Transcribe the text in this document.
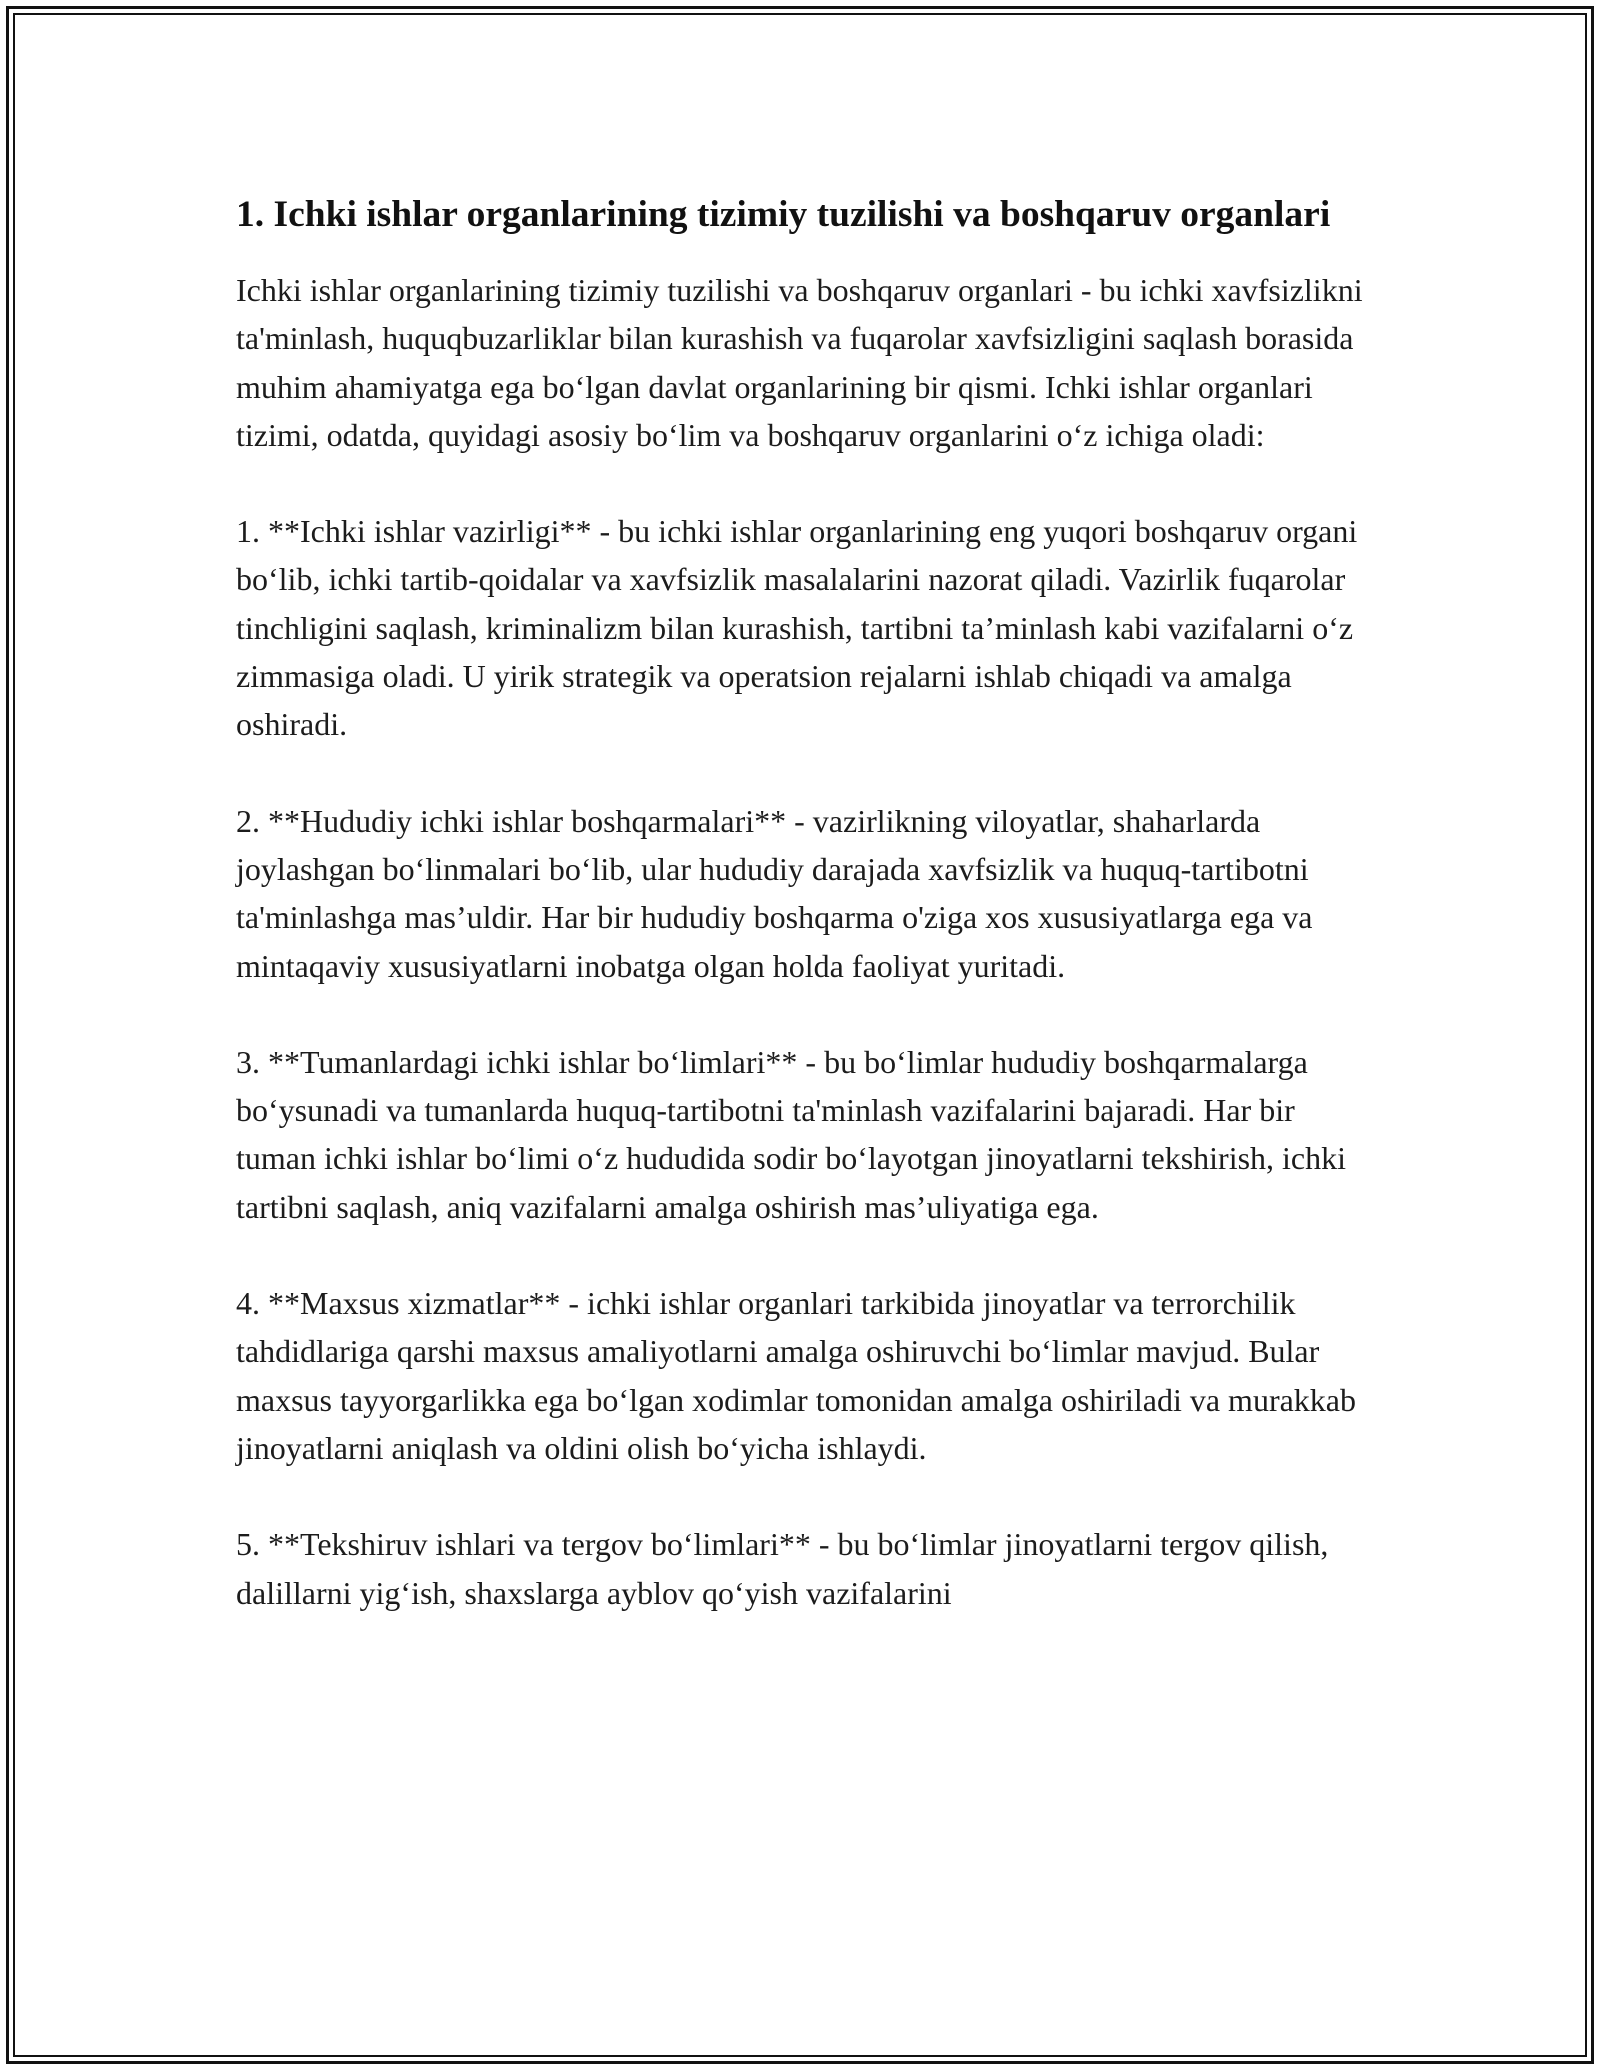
1. Ichki ishlar organlarining tizimiy tuzilishi va boshqaruv organlari

Ichki ishlar organlarining tizimiy tuzilishi va boshqaruv organlari - bu ichki xavfsizlikni ta'minlash, huquqbuzarliklar bilan kurashish va fuqarolar xavfsizligini saqlash borasida muhim ahamiyatga ega bo‘lgan davlat organlarining bir qismi. Ichki ishlar organlari tizimi, odatda, quyidagi asosiy bo‘lim va boshqaruv organlarini o‘z ichiga oladi:

1. **Ichki ishlar vazirligi** - bu ichki ishlar organlarining eng yuqori boshqaruv organi bo‘lib, ichki tartib-qoidalar va xavfsizlik masalalarini nazorat qiladi. Vazirlik fuqarolar tinchligini saqlash, kriminalizm bilan kurashish, tartibni ta’minlash kabi vazifalarni o‘z zimmasiga oladi. U yirik strategik va operatsion rejalarni ishlab chiqadi va amalga oshiradi.

2. **Hududiy ichki ishlar boshqarmalari** - vazirlikning viloyatlar, shaharlarda joylashgan bo‘linmalari bo‘lib, ular hududiy darajada xavfsizlik va huquq-tartibotni ta'minlashga mas’uldir. Har bir hududiy boshqarma o'ziga xos xususiyatlarga ega va mintaqaviy xususiyatlarni inobatga olgan holda faoliyat yuritadi.

3. **Tumanlardagi ichki ishlar bo‘limlari** - bu bo‘limlar hududiy boshqarmalarga bo‘ysunadi va tumanlarda huquq-tartibotni ta'minlash vazifalarini bajaradi. Har bir tuman ichki ishlar bo‘limi o‘z hududida sodir bo‘layotgan jinoyatlarni tekshirish, ichki tartibni saqlash, aniq vazifalarni amalga oshirish mas’uliyatiga ega.

4. **Maxsus xizmatlar** - ichki ishlar organlari tarkibida jinoyatlar va terrorchilik tahdidlariga qarshi maxsus amaliyotlarni amalga oshiruvchi bo‘limlar mavjud. Bular maxsus tayyorgarlikka ega bo‘lgan xodimlar tomonidan amalga oshiriladi va murakkab jinoyatlarni aniqlash va oldini olish bo‘yicha ishlaydi.

5. **Tekshiruv ishlari va tergov bo‘limlari** - bu bo‘limlar jinoyatlarni tergov qilish, dalillarni yig‘ish, shaxslarga ayblov qo‘yish vazifalarini
